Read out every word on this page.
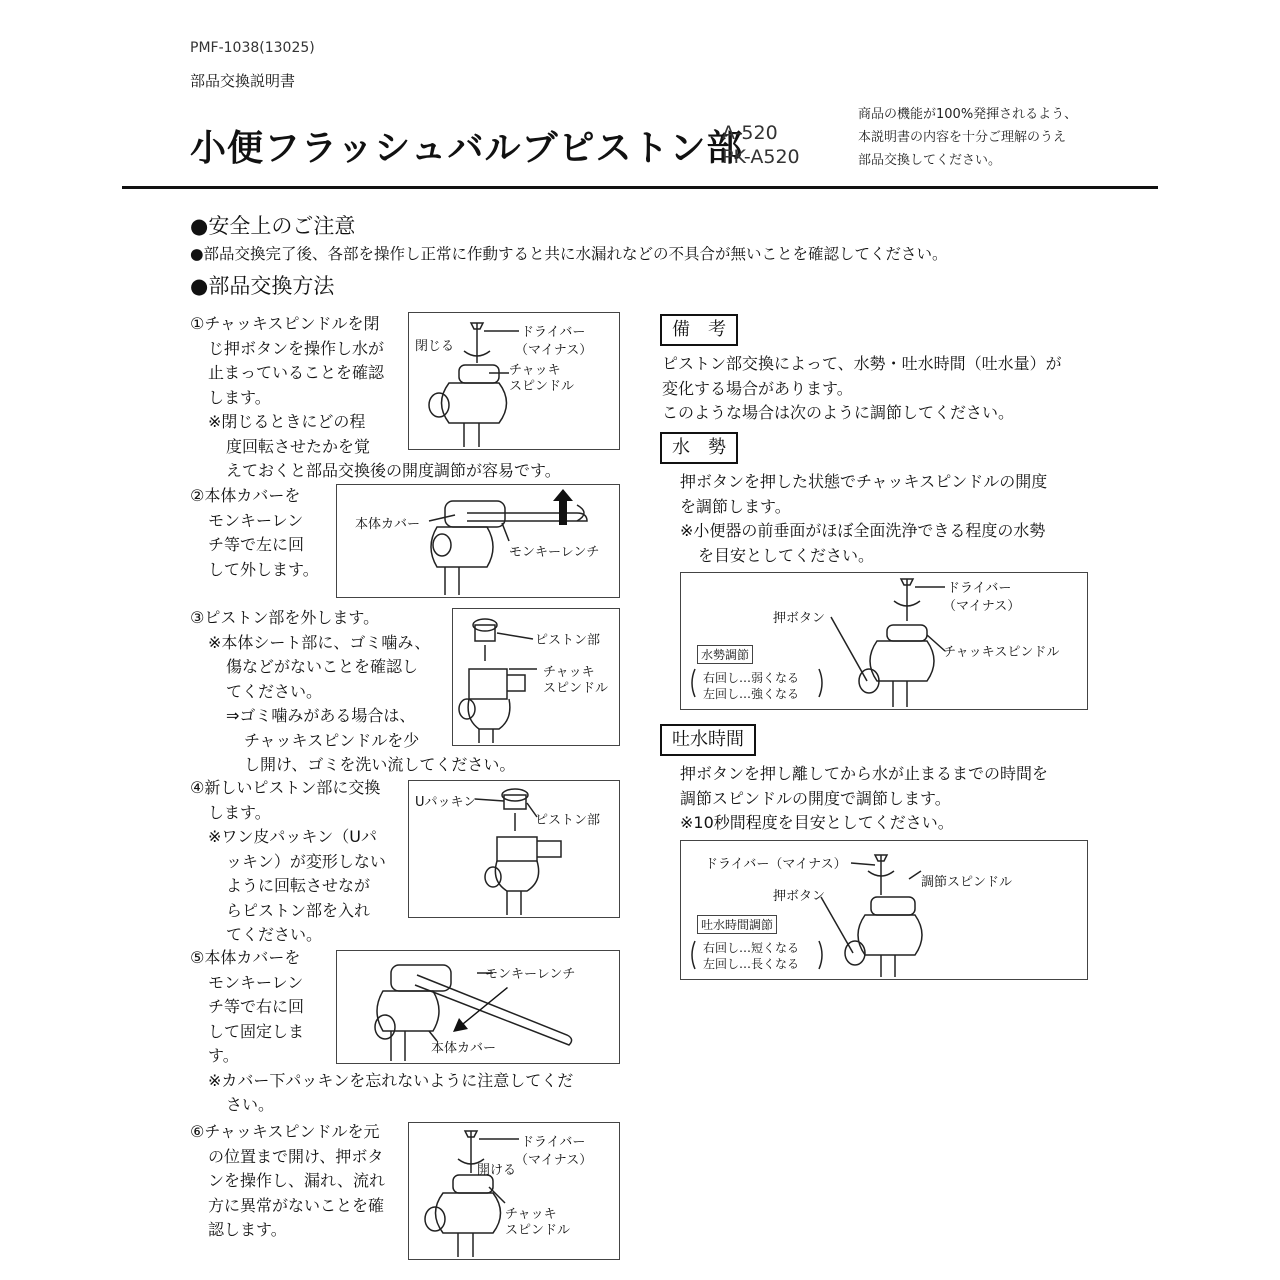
PMF-1038(13025)
部品交換説明書
小便フラッシュバルブピストン部
A-520
PK-A520
商品の機能が100%発揮されるよう、
本説明書の内容を十分ご理解のうえ
部品交換してください。
●安全上のご注意
●部品交換完了後、各部を操作し正常に作動すると共に水漏れなどの不具合が無いことを確認してください。
●部品交換方法
①チャッキスピンドルを閉
じ押ボタンを操作し水が
止まっていることを確認
します。
※閉じるときにどの程
度回転させたかを覚
えておくと部品交換後の開度調節が容易です。
閉じる
ドライバー
（マイナス）
チャッキ
スピンドル
②本体カバーを
モンキーレン
チ等で左に回
して外します。
本体カバー
モンキーレンチ
③ピストン部を外します。
※本体シート部に、ゴミ噛み、
傷などがないことを確認し
てください。
⇒ゴミ噛みがある場合は、
チャッキスピンドルを少
し開け、ゴミを洗い流してください。
ピストン部
チャッキ
スピンドル
④新しいピストン部に交換
します。
※ワン皮パッキン（Uパ
ッキン）が変形しない
ように回転させなが
らピストン部を入れ
てください。
Uパッキン
ピストン部
⑤本体カバーを
モンキーレン
チ等で右に回
して固定しま
す。
※カバー下パッキンを忘れないように注意してくだ
さい。
モンキーレンチ
本体カバー
⑥チャッキスピンドルを元
の位置まで開け、押ボタ
ンを操作し、漏れ、流れ
方に異常がないことを確
認します。
ドライバー
（マイナス）
開ける
チャッキ
スピンドル
備　考
ピストン部交換によって、水勢・吐水時間（吐水量）が
変化する場合があります。
このような場合は次のように調節してください。
水　勢
押ボタンを押した状態でチャッキスピンドルの開度
を調節します。
※小便器の前垂面がほぼ全面洗浄できる程度の水勢
を目安としてください。
ドライバー
（マイナス）
押ボタン
チャッキスピンドル
水勢調節
右回し…弱くなる
左回し…強くなる
吐水時間
押ボタンを押し離してから水が止まるまでの時間を
調節スピンドルの開度で調節します。
※10秒間程度を目安としてください。
ドライバー（マイナス）
押ボタン
調節スピンドル
吐水時間調節
右回し…短くなる
左回し…長くなる
